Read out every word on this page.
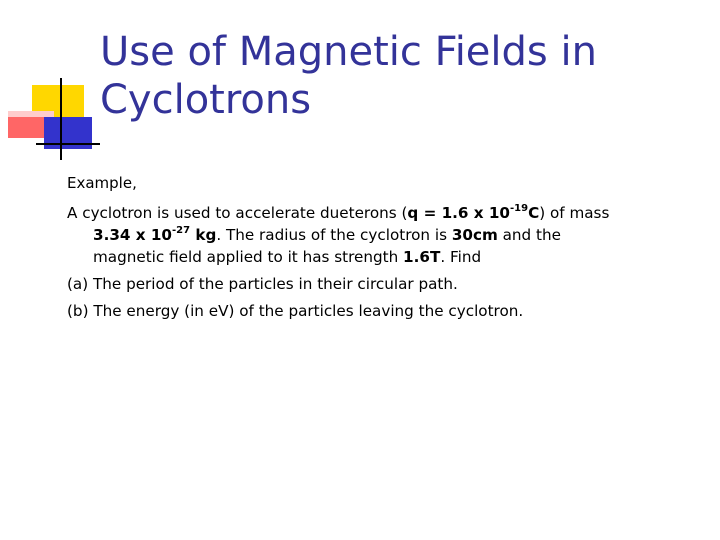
Use of Magnetic Fields in
Cyclotrons

Example,

A cyclotron is used to accelerate dueterons (q = 1.6 x $10^{-19}C$) of mass

3.34 x $10^{-27}$ kg. The radius of the cyclotron is 30cm and the

magnetic field applied to it has strength 1.6T. Find

(a) The period of the particles in their circular path.

(b) The energy (in eV) of the particles leaving the cyclotron.
